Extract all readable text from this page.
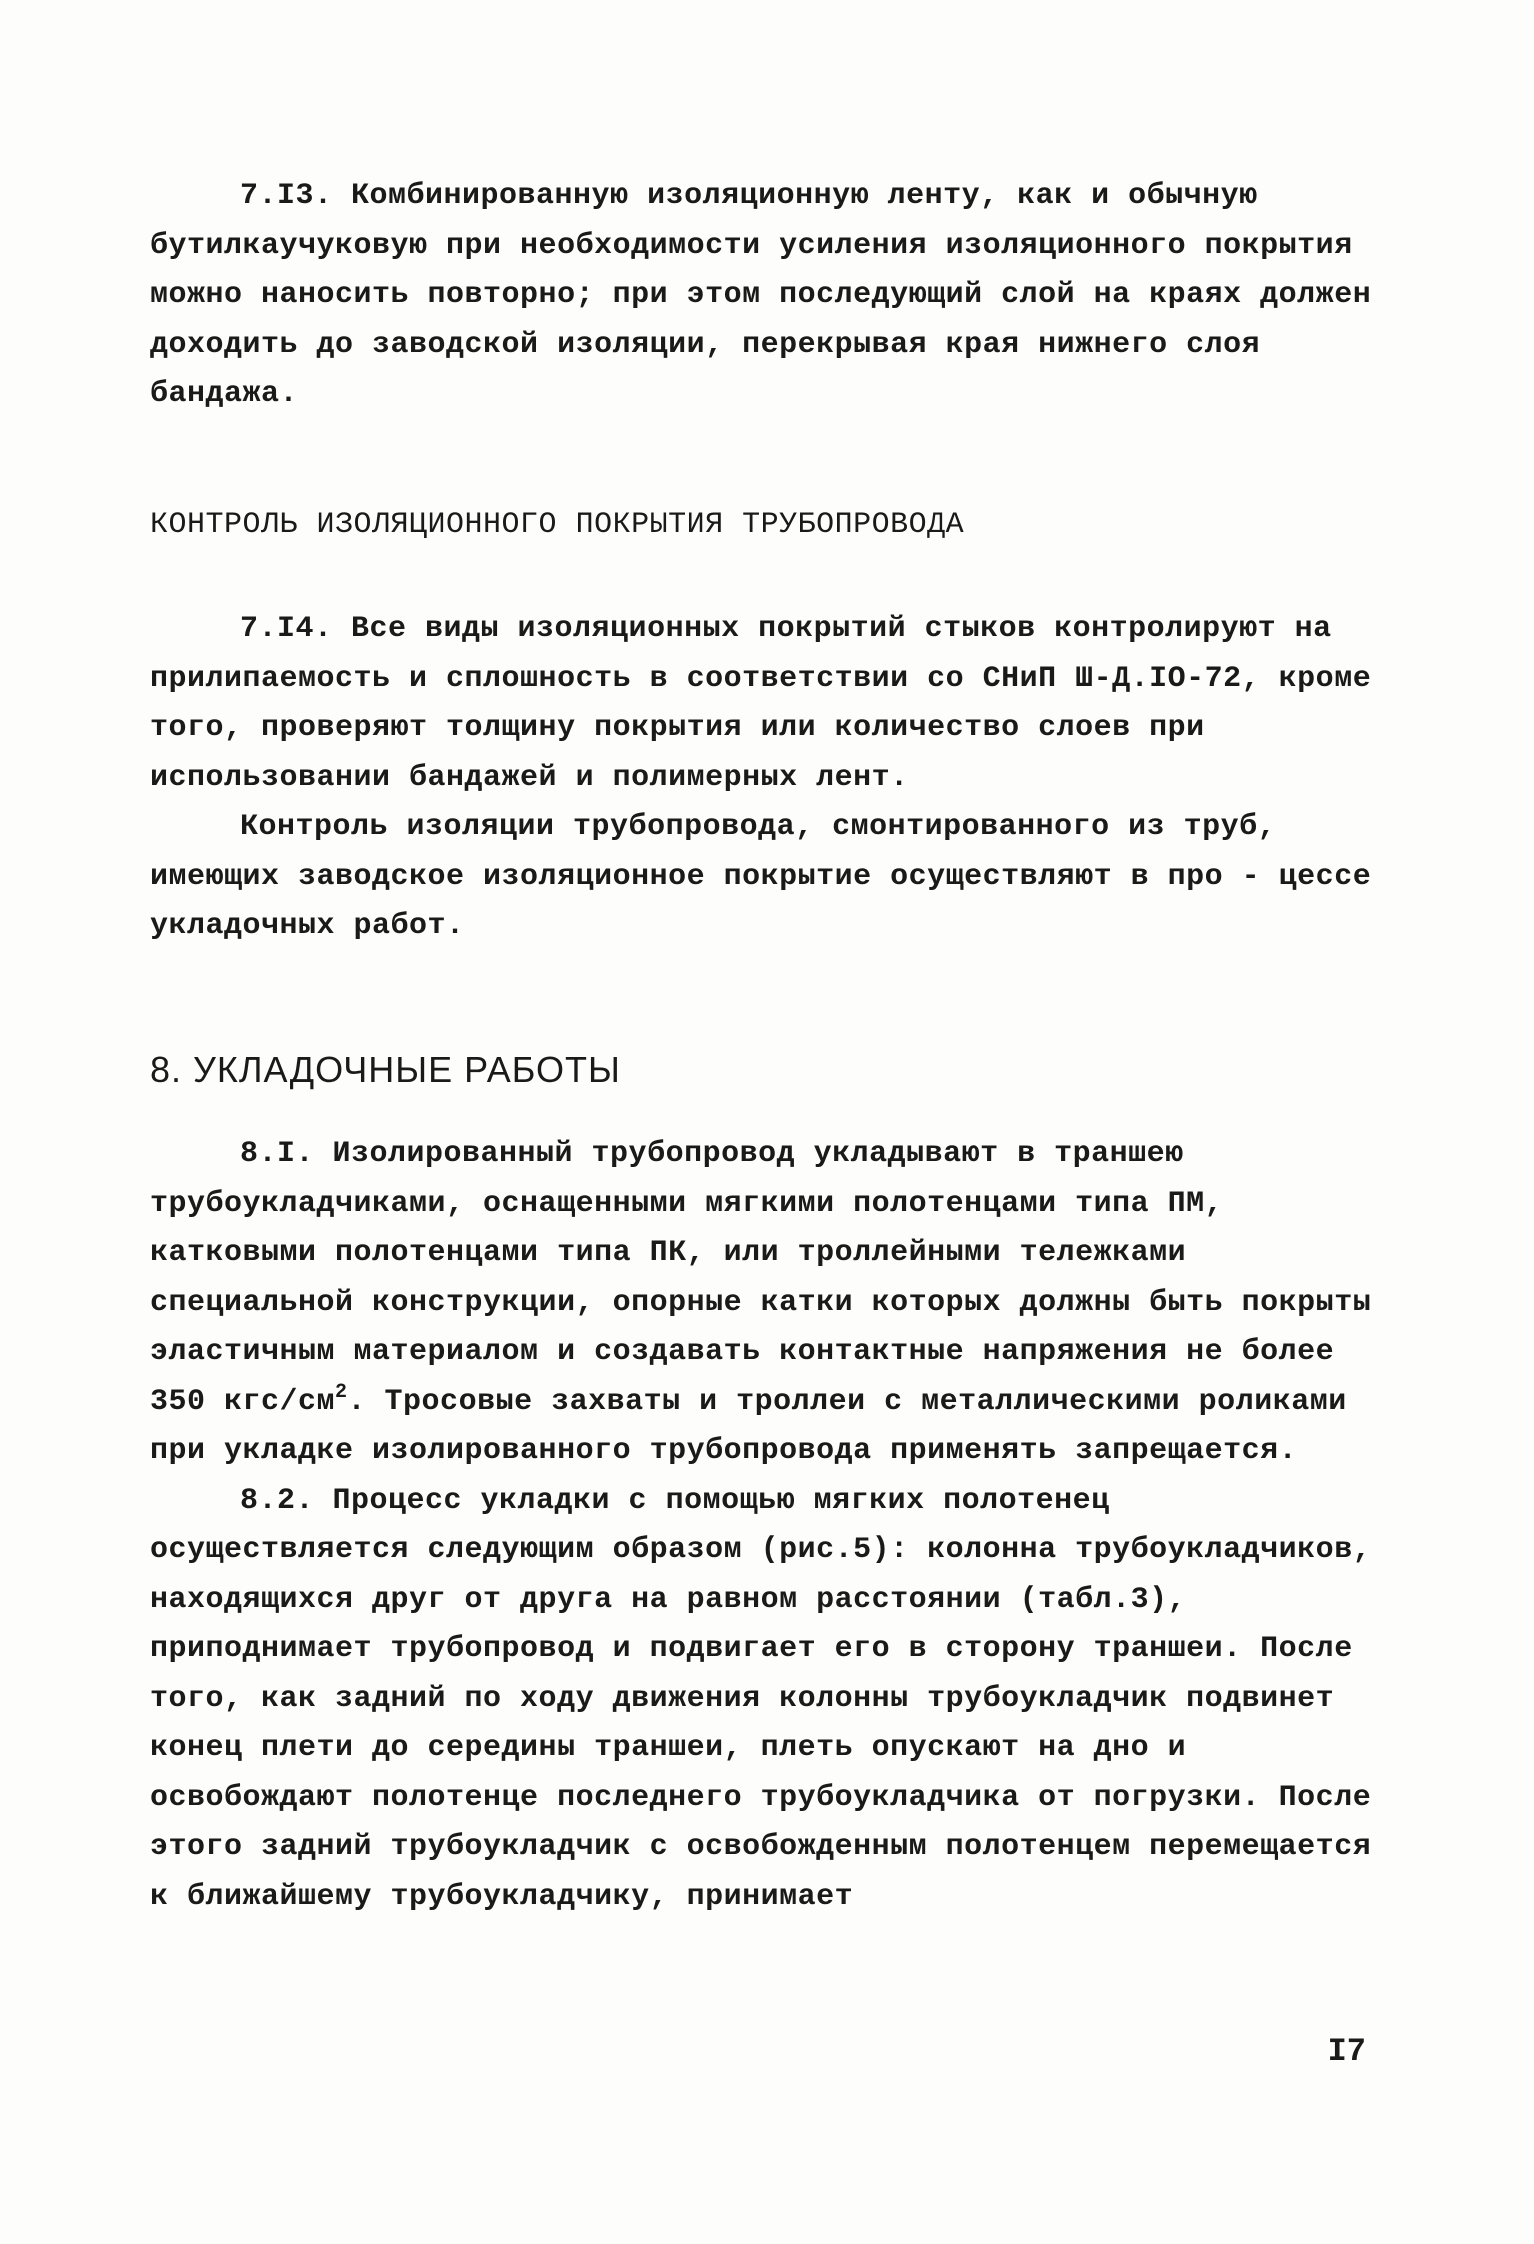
7.I3. Комбинированную изоляционную ленту, как и обычную бутилкаучуковую при необходимости усиления изоляционного покрытия можно наносить повторно; при этом последующий слой на краях должен доходить до заводской изоляции, перекрывая края нижнего слоя бандажа.

КОНТРОЛЬ ИЗОЛЯЦИОННОГО ПОКРЫТИЯ ТРУБОПРОВОДА

7.I4. Все виды изоляционных покрытий стыков контролируют на прилипаемость и сплошность в соответствии со СНиП Ш-Д.IO-72, кроме того, проверяют толщину покрытия или количество слоев при использовании бандажей и полимерных лент.

Контроль изоляции трубопровода, смонтированного из труб, имеющих заводское изоляционное покрытие осуществляют в про - цессе укладочных работ.

8. УКЛАДОЧНЫЕ РАБОТЫ

8.I. Изолированный трубопровод укладывают в траншею трубоукладчиками, оснащенными мягкими полотенцами типа ПМ, катковыми полотенцами типа ПК, или троллейными тележками специальной конструкции, опорные катки которых должны быть покрыты эластичным материалом и создавать контактные напряжения не более 350 кгс/$см^2$. Тросовые захваты и троллеи с металлическими роликами при укладке изолированного трубопровода применять запрещается.

8.2. Процесс укладки с помощью мягких полотенец осуществляется следующим образом (рис.5): колонна трубоукладчиков, находящихся друг от друга на равном расстоянии (табл.3), приподнимает трубопровод и подвигает его в сторону траншеи. После того, как задний по ходу движения колонны трубоукладчик подвинет конец плети до середины траншеи, плеть опускают на дно и освобождают полотенце последнего трубоукладчика от погрузки. После этого задний трубоукладчик с освобожденным полотенцем перемещается к ближайшему трубоукладчику, принимает

I7
